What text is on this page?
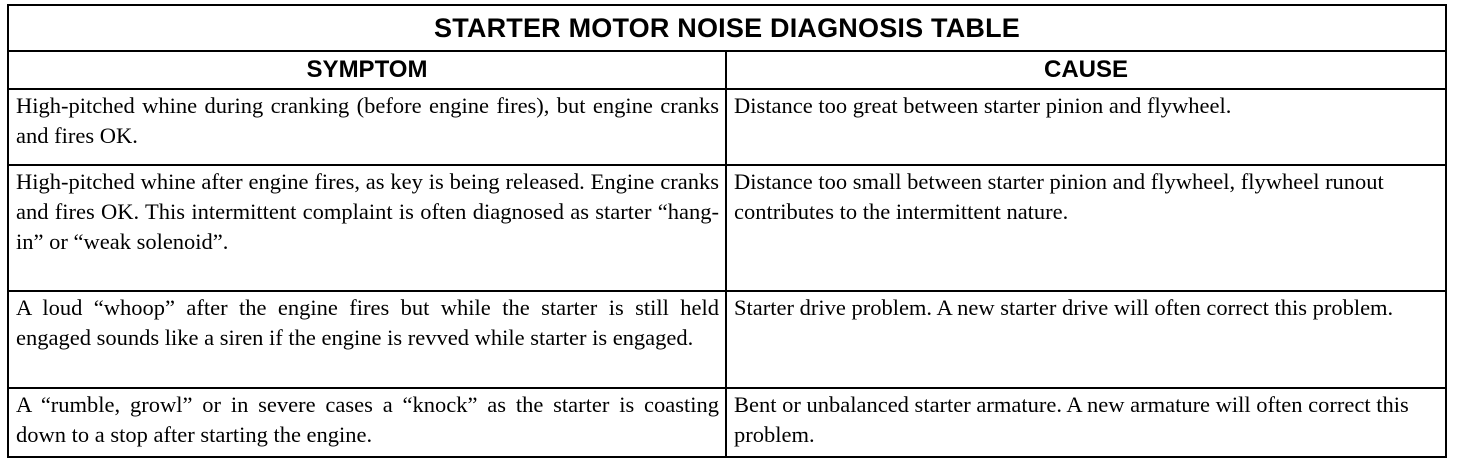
STARTER MOTOR NOISE DIAGNOSIS TABLE	
SYMPTOM	CAUSE
High-pitched whine during cranking (before engine fires), but engine cranks and fires OK.	Distance too great between starter pinion and flywheel.
High-pitched whine after engine fires, as key is being released. Engine cranks and fires OK. This intermittent complaint is often diagnosed as starter “hang-in” or “weak solenoid”.	Distance too small between starter pinion and flywheel, flywheel runout contributes to the intermittent nature.
A loud “whoop” after the engine fires but while the starter is still held engaged sounds like a siren if the engine is revved while starter is engaged.	Starter drive problem. A new starter drive will often correct this problem.
A “rumble, growl” or in severe cases a “knock” as the starter is coasting down to a stop after starting the engine.	Bent or unbalanced starter armature. A new armature will often correct this problem.
